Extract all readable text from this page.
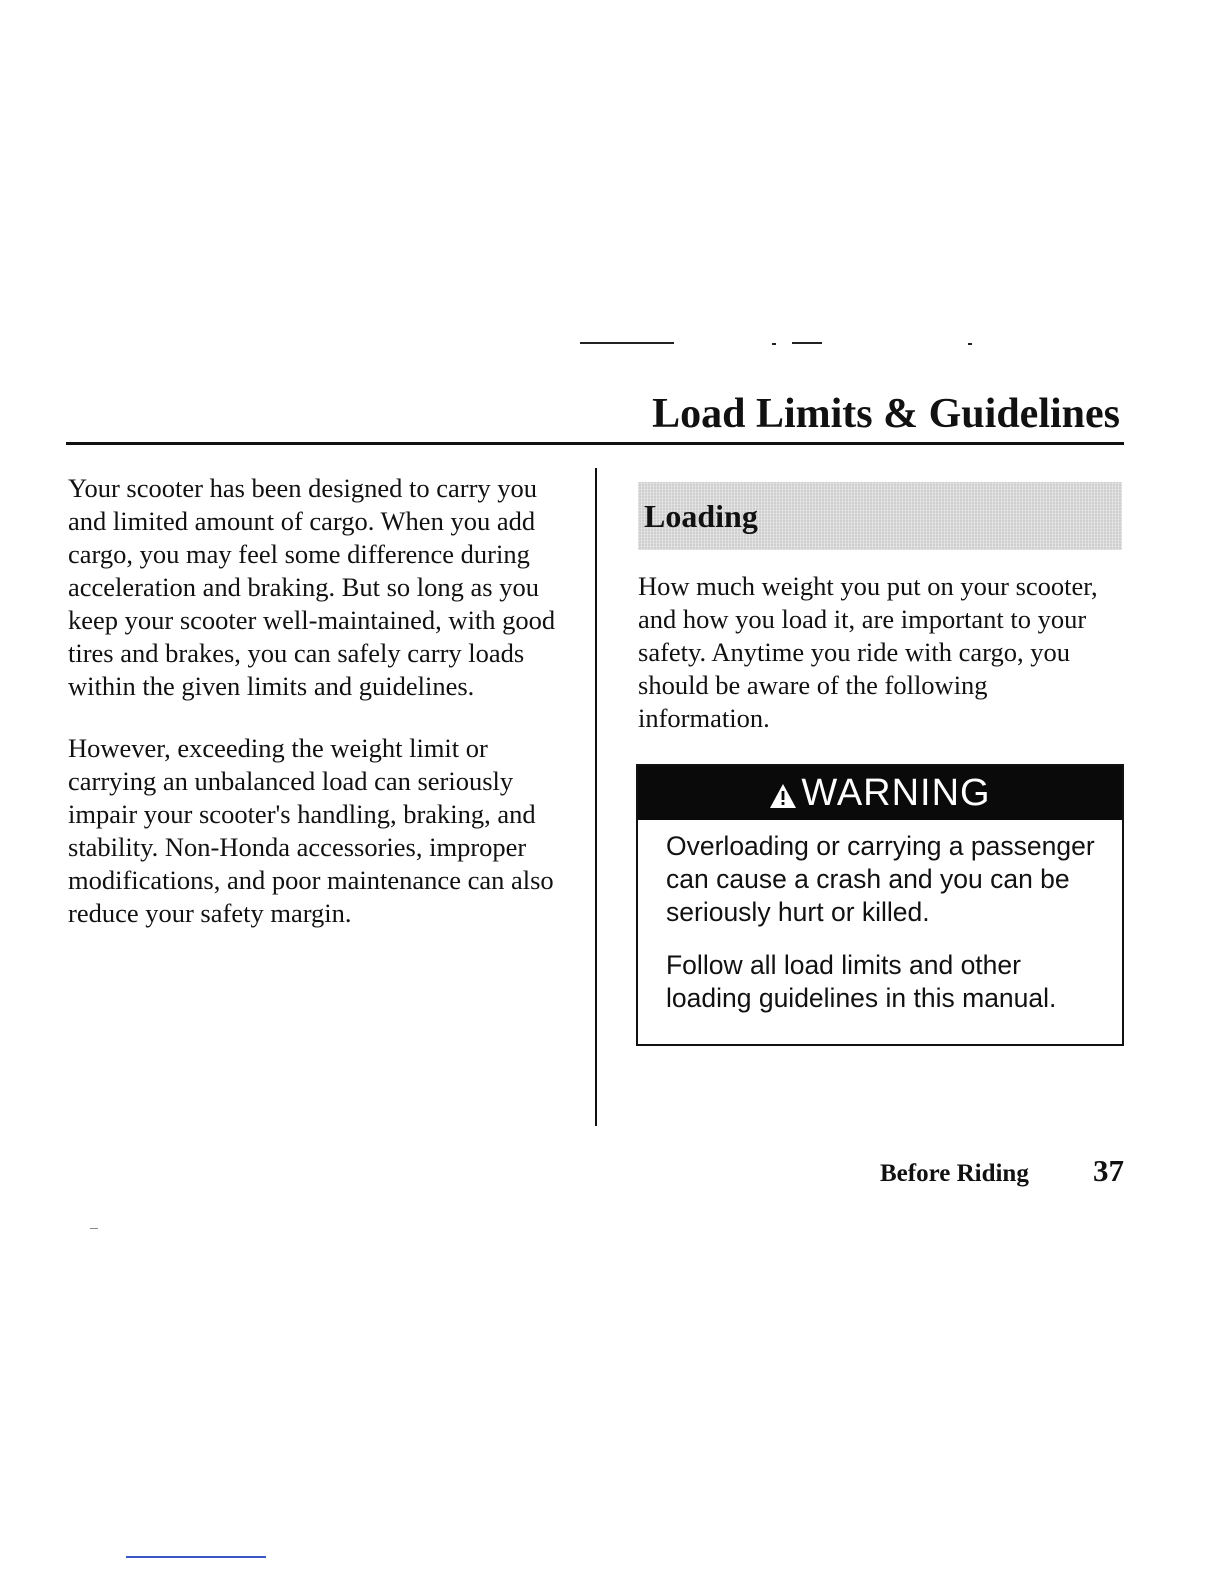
Load Limits & Guidelines

Your scooter has been designed to carry you and limited amount of cargo. When you add cargo, you may feel some difference during acceleration and braking. But so long as you keep your scooter well-maintained, with good tires and brakes, you can safely carry loads within the given limits and guidelines.

However, exceeding the weight limit or carrying an unbalanced load can seriously impair your scooter's handling, braking, and stability. Non-Honda accessories, improper modifications, and poor maintenance can also reduce your safety margin.

Loading

How much weight you put on your scooter, and how you load it, are important to your safety. Anytime you ride with cargo, you should be aware of the following information.

WARNING

Overloading or carrying a passenger can cause a crash and you can be seriously hurt or killed.

Follow all load limits and other loading guidelines in this manual.

Before Riding 37
